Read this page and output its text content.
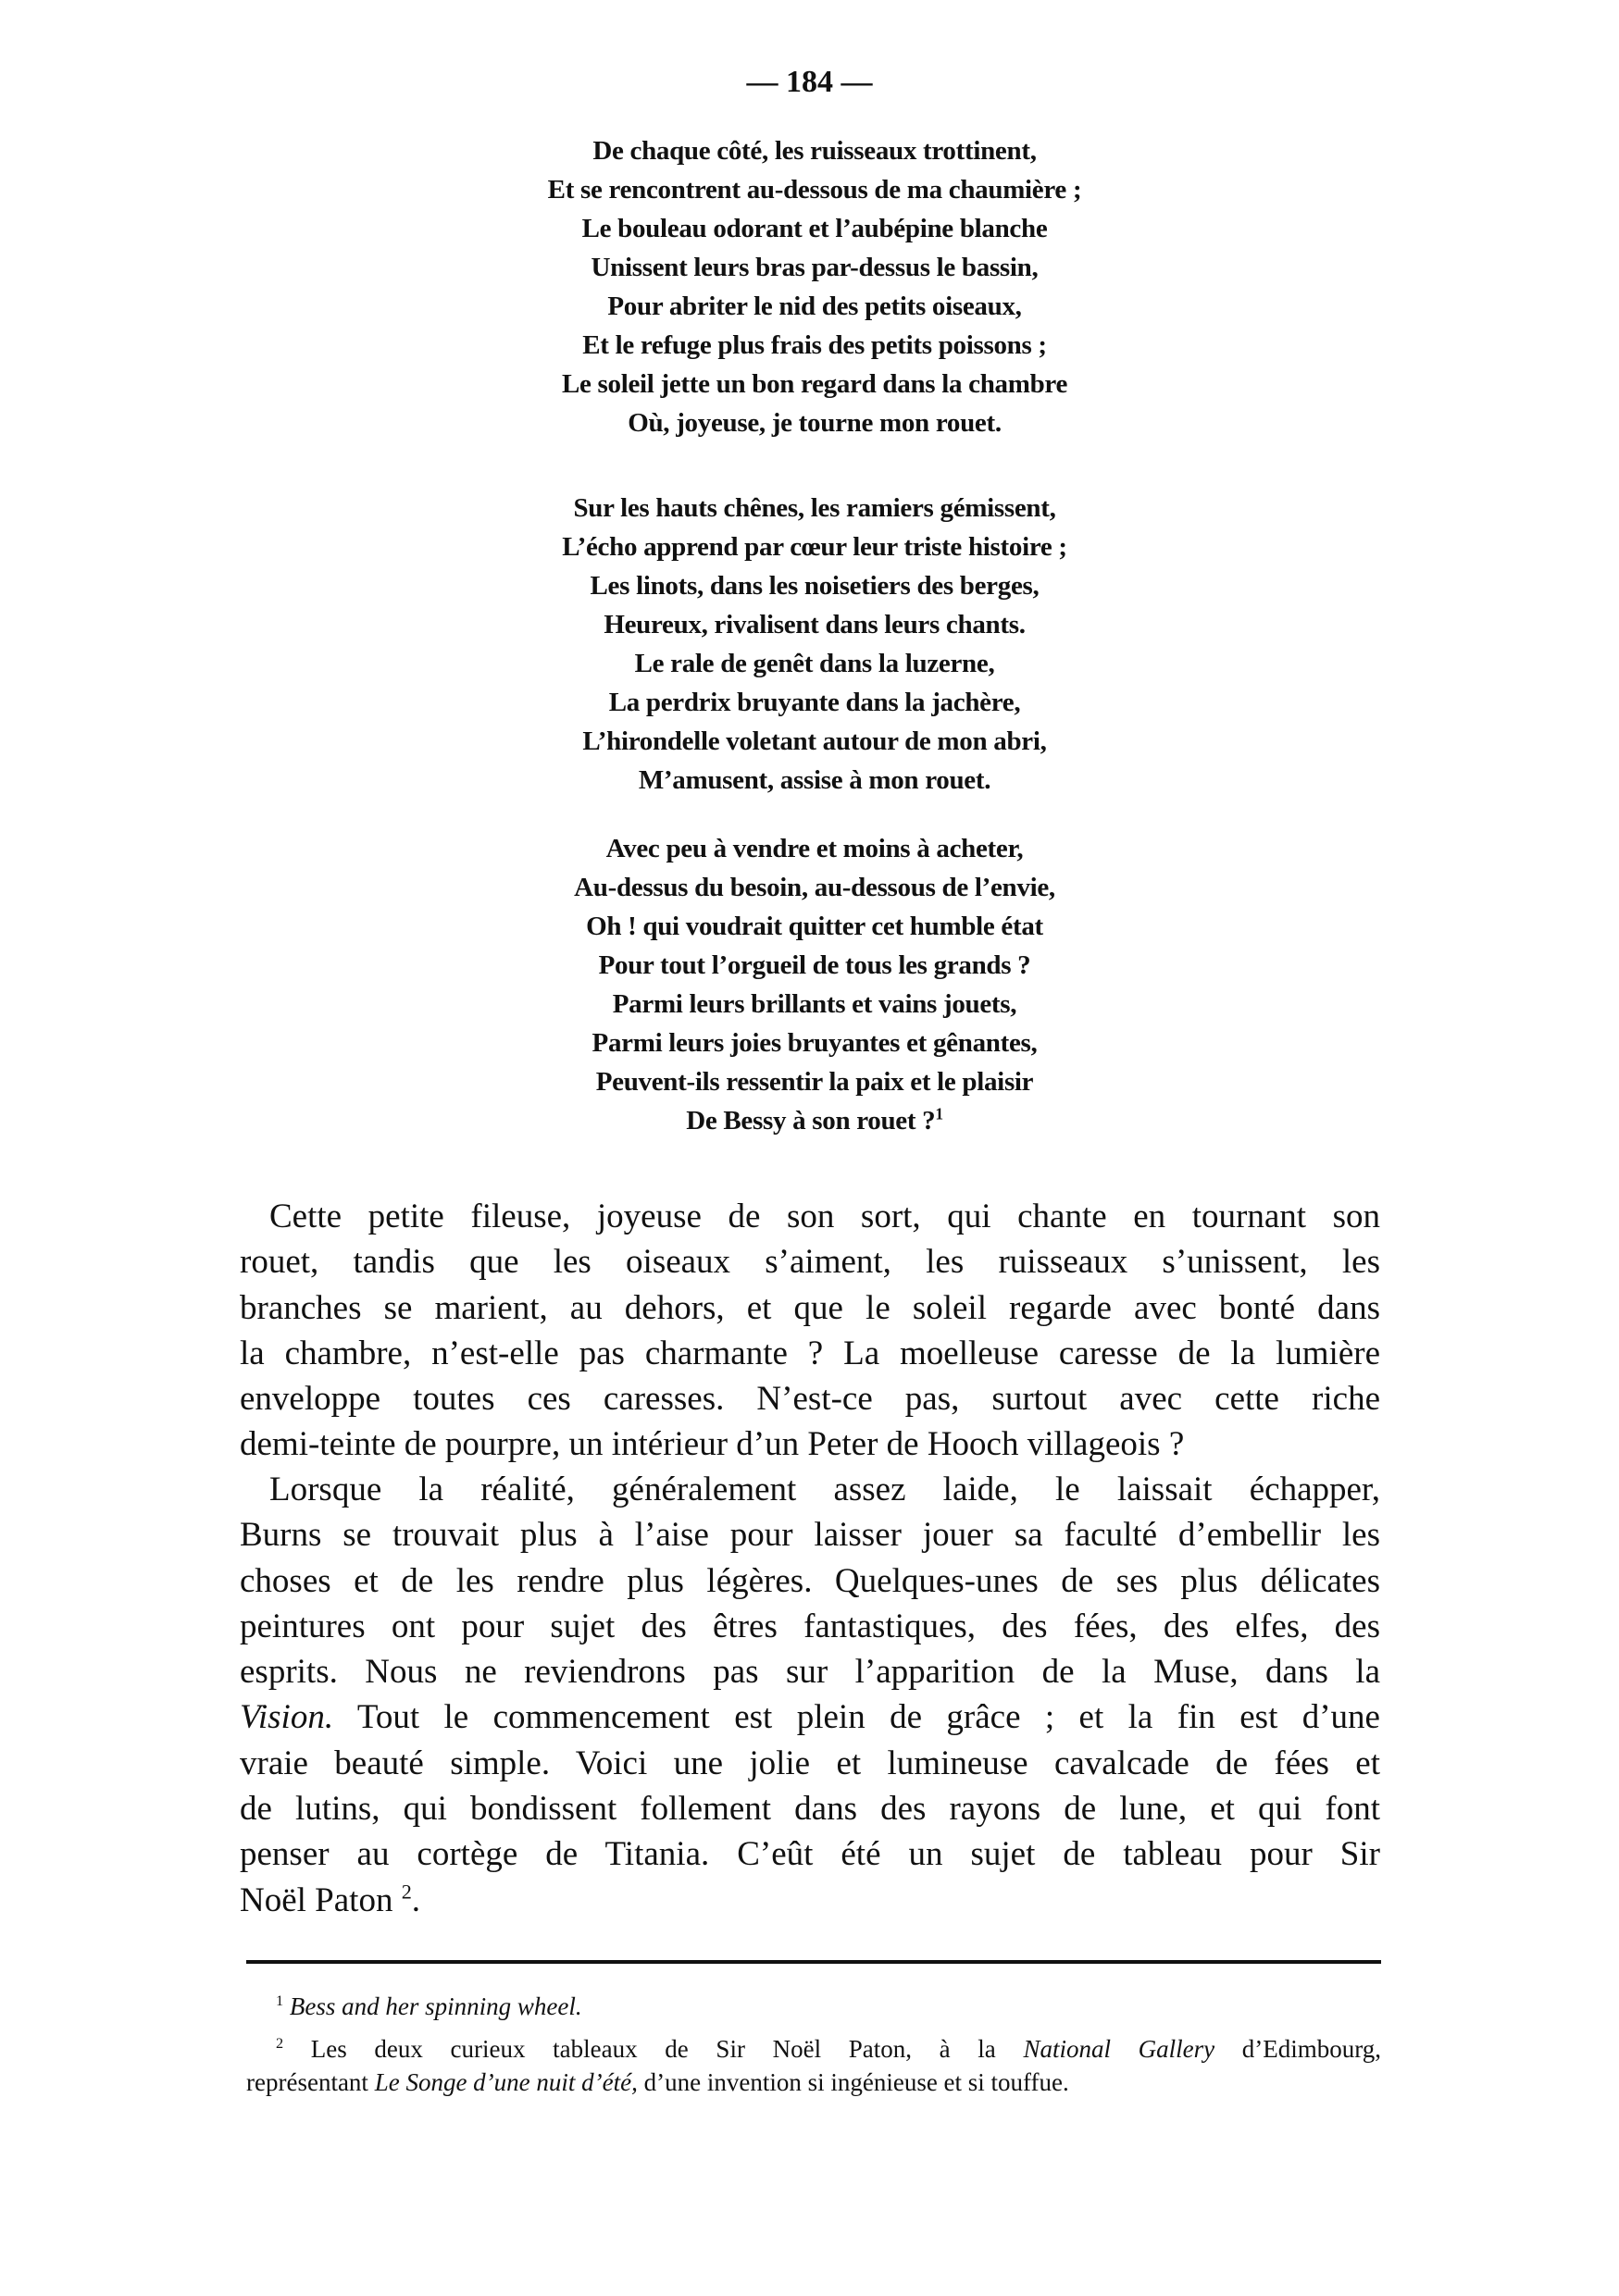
— 184 —
De chaque côté, les ruisseaux trottinent,
Et se rencontrent au-dessous de ma chaumière ;
Le bouleau odorant et l’aubépine blanche
Unissent leurs bras par-dessus le bassin,
Pour abriter le nid des petits oiseaux,
Et le refuge plus frais des petits poissons ;
Le soleil jette un bon regard dans la chambre
Où, joyeuse, je tourne mon rouet.
Sur les hauts chênes, les ramiers gémissent,
L’écho apprend par cœur leur triste histoire ;
Les linots, dans les noisetiers des berges,
Heureux, rivalisent dans leurs chants.
Le rale de genêt dans la luzerne,
La perdrix bruyante dans la jachère,
L’hirondelle voletant autour de mon abri,
M’amusent, assise à mon rouet.
Avec peu à vendre et moins à acheter,
Au-dessus du besoin, au-dessous de l’envie,
Oh ! qui voudrait quitter cet humble état
Pour tout l’orgueil de tous les grands ?
Parmi leurs brillants et vains jouets,
Parmi leurs joies bruyantes et gênantes,
Peuvent-ils ressentir la paix et le plaisir
De Bessy à son rouet ?$^1$
Cette petite fileuse, joyeuse de son sort, qui chante en tournant son
rouet, tandis que les oiseaux s’aiment, les ruisseaux s’unissent, les
branches se marient, au dehors, et que le soleil regarde avec bonté dans
la chambre, n’est-elle pas charmante ? La moelleuse caresse de la lumière
enveloppe toutes ces caresses. N’est-ce pas, surtout avec cette riche
demi-teinte de pourpre, un intérieur d’un Peter de Hooch villageois ?
Lorsque la réalité, généralement assez laide, le laissait échapper,
Burns se trouvait plus à l’aise pour laisser jouer sa faculté d’embellir les
choses et de les rendre plus légères. Quelques-unes de ses plus délicates
peintures ont pour sujet des êtres fantastiques, des fées, des elfes, des
esprits. Nous ne reviendrons pas sur l’apparition de la Muse, dans la
Vision. Tout le commencement est plein de grâce ; et la fin est d’une
vraie beauté simple. Voici une jolie et lumineuse cavalcade de fées et
de lutins, qui bondissent follement dans des rayons de lune, et qui font
penser au cortège de Titania. C’eût été un sujet de tableau pour Sir
Noël Paton $^2$.
$^1$ Bess and her spinning wheel.
$^2$ Les deux curieux tableaux de Sir Noël Paton, à la National Gallery d’Edimbourg,
représentant Le Songe d’une nuit d’été, d’une invention si ingénieuse et si touffue.
